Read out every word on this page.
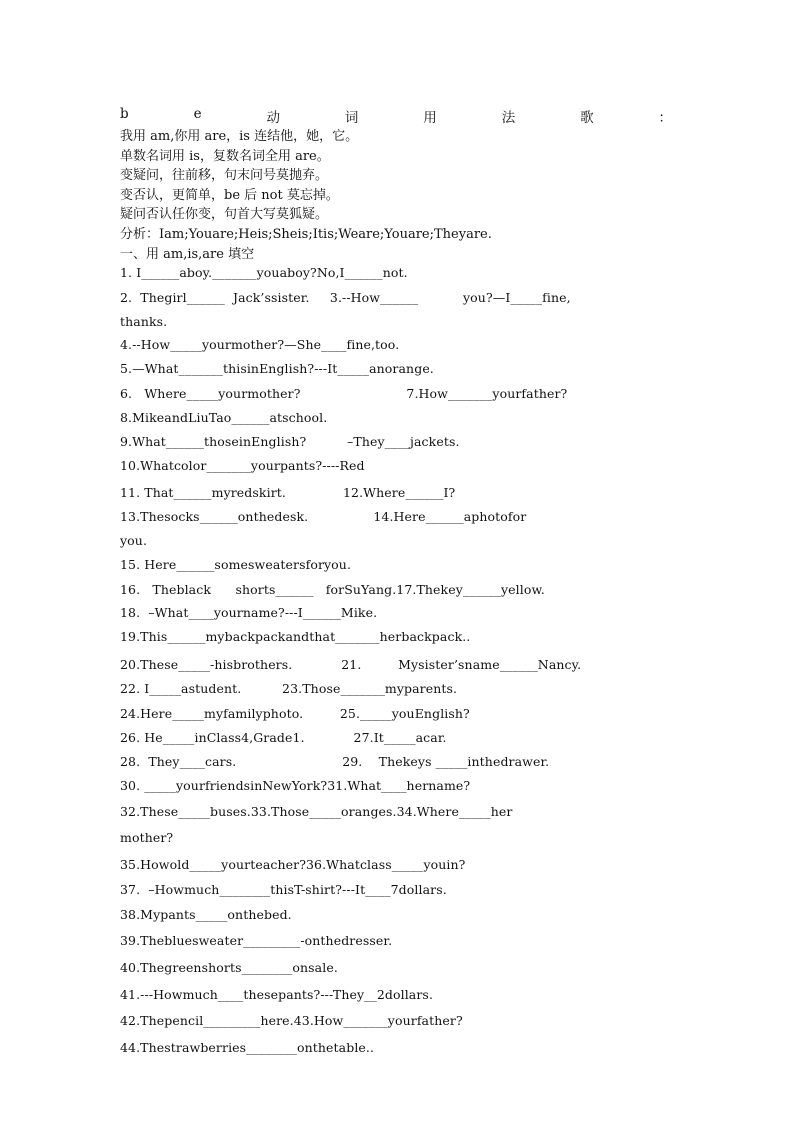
b	e	动	词	用	法	歌	：
我用 am,你用 are，is 连结他，她，它。
单数名词用 is，复数名词全用 are。
变疑问，往前移，句末问号莫抛弃。
变否认，更简单，be 后 not 莫忘掉。
疑问否认任你变，句首大写莫狐疑。
分析：Iam;Youare;Heis;Sheis;Itis;Weare;Youare;Theyare.
一、用 am,is,are 填空
1. I______aboy._______youaboy?No,I______not.
2.  Thegirl______  Jack’ssister.     3.--How______           you?—I_____fine,
thanks.
4.--How_____yourmother?—She____fine,too.
5.—What_______thisinEnglish?---It_____anorange.
6.   Where_____yourmother?                          7.How_______yourfather?
8.MikeandLiuTao______atschool.
9.What______thoseinEnglish?          –They____jackets.
10.Whatcolor_______yourpants?----Red
11. That______myredskirt.              12.Where______I?
13.Thesocks______onthedesk.                14.Here______aphotofor
you.
15. Here______somesweatersforyou.
16.   Theblack      shorts______   forSuYang.17.Thekey______yellow.
18.  –What____yourname?---I______Mike.
19.This______mybackpackandthat_______herbackpack..
20.These_____-hisbrothers.            21.         Mysister’sname______Nancy.
22. I_____astudent.          23.Those_______myparents.
24.Here_____myfamilyphoto.         25._____youEnglish?
26. He_____inClass4,Grade1.            27.It_____acar.
28.  They____cars.                          29.    Thekeys _____inthedrawer.
30. _____yourfriendsinNewYork?31.What____hername?
32.These_____buses.33.Those_____oranges.34.Where_____her
mother?
35.Howold_____yourteacher?36.Whatclass_____youin?
37.  –Howmuch________thisT-shirt?---It____7dollars.
38.Mypants_____onthebed.
39.Thebluesweater_________-onthedresser.
40.Thegreenshorts________onsale.
41.---Howmuch____thesepants?---They__2dollars.
42.Thepencil_________here.43.How_______yourfather?
44.Thestrawberries________onthetable..
